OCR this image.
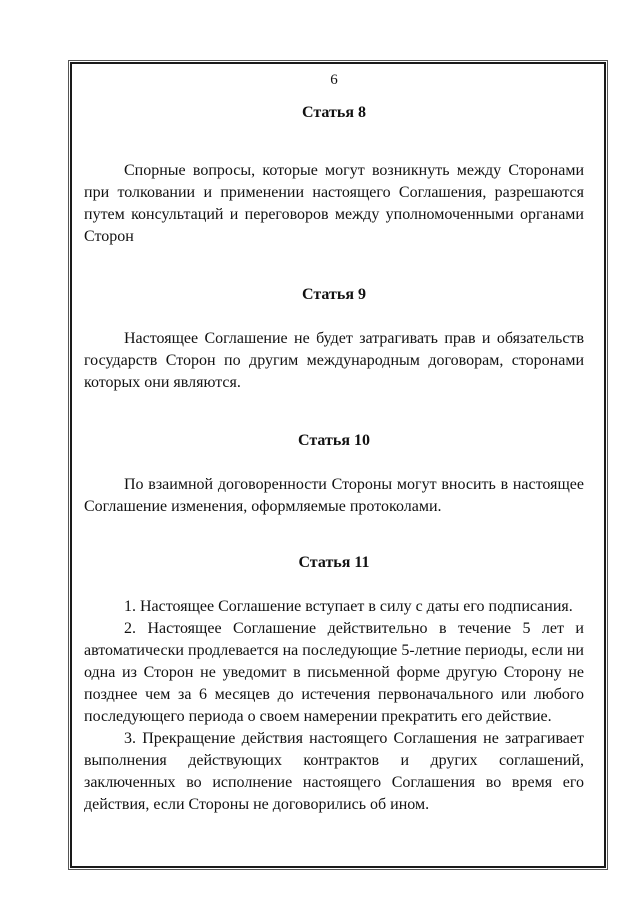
6

Статья 8

Спорные вопросы, которые могут возникнуть между Сторонами при толковании и применении настоящего Соглашения, разрешаются путем консультаций и переговоров между уполномоченными органами Сторон

Статья 9

Настоящее Соглашение не будет затрагивать прав и обязательств государств Сторон по другим международным договорам, сторонами которых они являются.

Статья 10

По взаимной договоренности Стороны могут вносить в настоящее Соглашение изменения, оформляемые протоколами.

Статья 11

1. Настоящее Соглашение вступает в силу с даты его подписания.

2. Настоящее Соглашение действительно в течение 5 лет и автоматически продлевается на последующие 5-летние периоды, если ни одна из Сторон не уведомит в письменной форме другую Сторону не позднее чем за 6 месяцев до истечения первоначального или любого последующего периода о своем намерении прекратить его действие.

3. Прекращение действия настоящего Соглашения не затрагивает выполнения действующих контрактов и других соглашений, заключенных во исполнение настоящего Соглашения во время его действия, если Стороны не договорились об ином.
